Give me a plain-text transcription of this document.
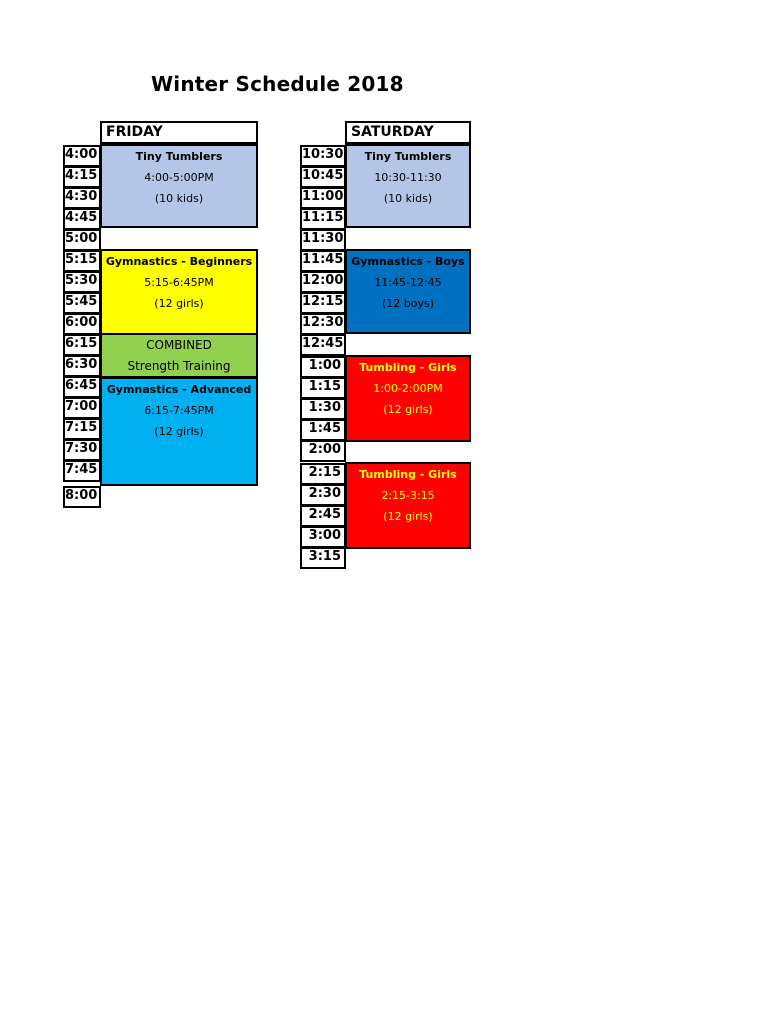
Winter Schedule 2018
FRIDAY
4:00
4:15
4:30
4:45
5:00
5:15
5:30
5:45
6:00
6:15
6:30
6:45
7:00
7:15
7:30
7:45
8:00
Tiny Tumblers
4:00-5:00PM
(10 kids)
Gymnastics - Beginners
5:15-6:45PM
(12 girls)
COMBINED
Strength Training
Gymnastics - Advanced
6:15-7:45PM
(12 girls)
SATURDAY
10:30
10:45
11:00
11:15
11:30
11:45
12:00
12:15
12:30
12:45
1:00
1:15
1:30
1:45
2:00
2:15
2:30
2:45
3:00
3:15
Tiny Tumblers
10:30-11:30
(10 kids)
Gymnastics - Boys
11:45-12:45
(12 boys)
Tumbling - Girls
1:00-2:00PM
(12 girls)
Tumbling - Girls
2:15-3:15
(12 girls)
